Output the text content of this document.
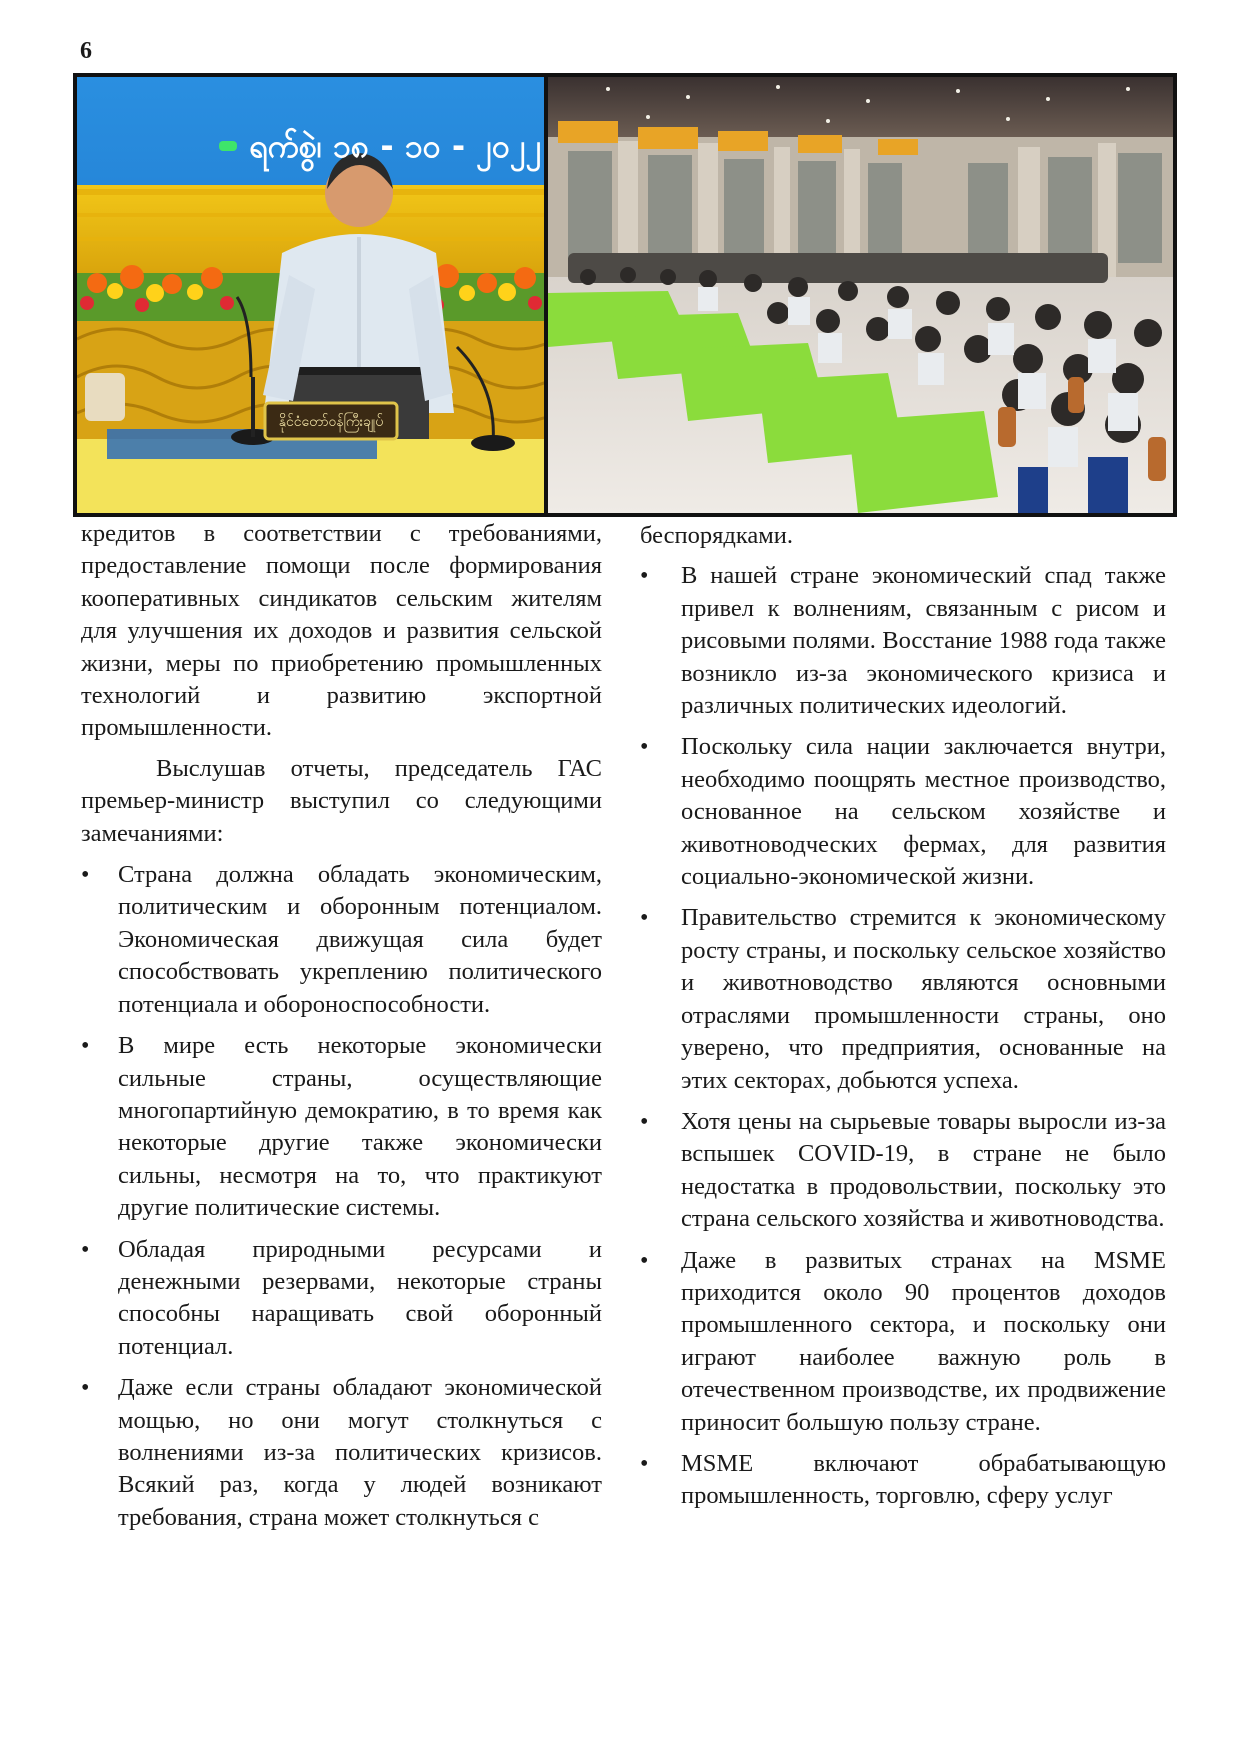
6
နိုင်ငံတော်ဝန်ကြီးချုပ်
ရက်စွဲ၊ ၁၈ - ၁၀ - ၂၀၂၂

кредитов в соответствии с требованиями, предоставление помощи после формирования кооперативных синдикатов сельским жителям для улучшения их доходов и развития сельской жизни, меры по приобретению промышленных технологий и развитию экспортной промышленности.

Выслушав отчеты, председатель ГАС премьер-министр выступил со следующими замечаниями:

• Страна должна обладать экономическим, политическим и оборонным потенциалом. Экономическая движущая сила будет способствовать укреплению политического потенциала и обороноспособности.
• В мире есть некоторые экономически сильные страны, осуществляющие многопартийную демократию, в то время как некоторые другие также экономически сильны, несмотря на то, что практикуют другие политические системы.
• Обладая природными ресурсами и денежными резервами, некоторые страны способны наращивать свой оборонный потенциал.
• Даже если страны обладают экономической мощью, но они могут столкнуться с волнениями из-за политических кризисов. Всякий раз, когда у людей возникают требования, страна может столкнуться с

беспорядками.

• В нашей стране экономический спад также привел к волнениям, связанным с рисом и рисовыми полями. Восстание 1988 года также возникло из-за экономического кризиса и различных политических идеологий.
• Поскольку сила нации заключается внутри, необходимо поощрять местное производство, основанное на сельском хозяйстве и животноводческих фермах, для развития социально-экономической жизни.
• Правительство стремится к экономическому росту страны, и поскольку сельское хозяйство и животноводство являются основными отраслями промышленности страны, оно уверено, что предприятия, основанные на этих секторах, добьются успеха.
• Хотя цены на сырьевые товары выросли из-за вспышек COVID-19, в стране не было недостатка в продовольствии, поскольку это страна сельского хозяйства и животноводства.
• Даже в развитых странах на MSME приходится около 90 процентов доходов промышленного сектора, и поскольку они играют наиболее важную роль в отечественном производстве, их продвижение приносит большую пользу стране.
• MSME включают обрабатывающую промышленность, торговлю, сферу услуг
